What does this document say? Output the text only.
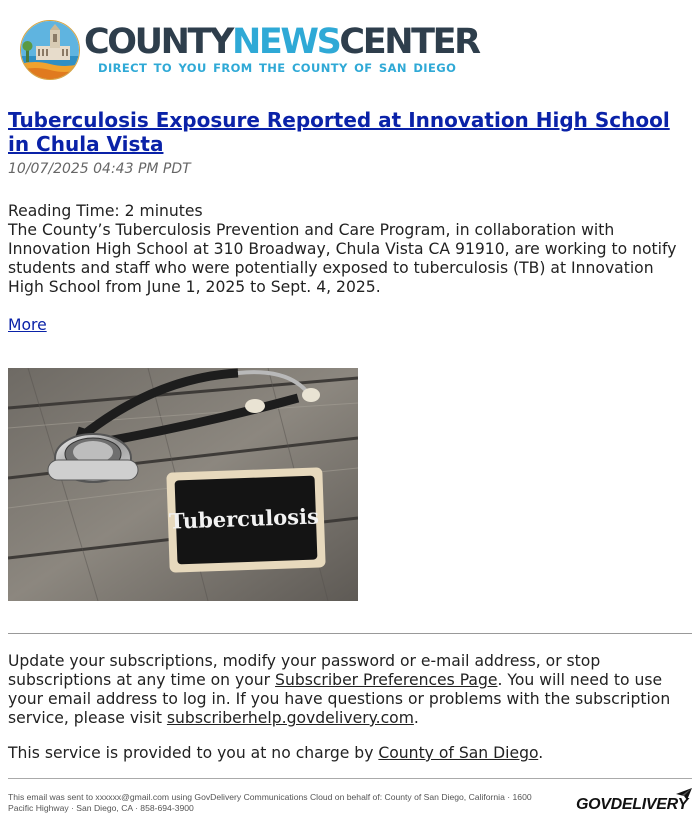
COUNTYNEWSCENTER
DIRECT TO YOU FROM THE COUNTY OF SAN DIEGO
Tuberculosis Exposure Reported at Innovation High School in Chula Vista
10/07/2025 04:43 PM PDT
Reading Time: 2 minutes

The County’s Tuberculosis Prevention and Care Program, in collaboration with Innovation High School at 310 Broadway, Chula Vista CA 91910, are working to notify students and staff who were potentially exposed to tuberculosis (TB) at Innovation High School from June 1, 2025 to Sept. 4, 2025.

More
Tuberculosis

Update your subscriptions, modify your password or e-mail address, or stop subscriptions at any time on your Subscriber Preferences Page. You will need to use your email address to log in. If you have questions or problems with the subscription service, please visit subscriberhelp.govdelivery.com.

This service is provided to you at no charge by County of San Diego.

This email was sent to xxxxxx@gmail.com using GovDelivery Communications Cloud on behalf of: County of San Diego, California · 1600 Pacific Highway · San Diego, CA · 858-694-3900	GOVDELIVERY
